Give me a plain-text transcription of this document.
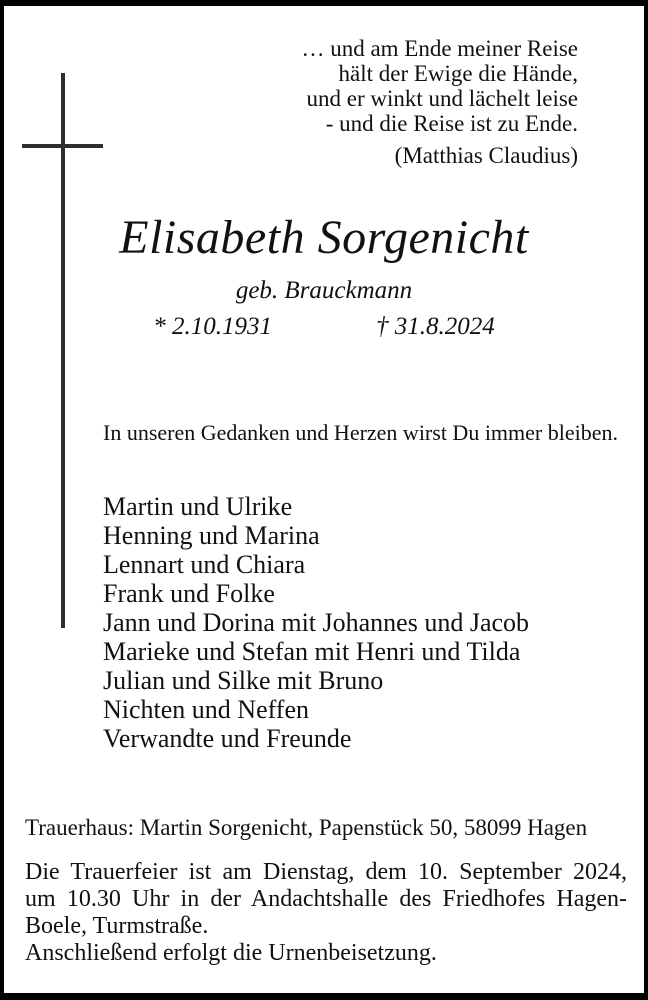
… und am Ende meiner Reise
hält der Ewige die Hände,
und er winkt und lächelt leise
- und die Reise ist zu Ende.
(Matthias Claudius)
Elisabeth Sorgenicht
geb. Brauckmann
* 2.10.1931	† 31.8.2024
In unseren Gedanken und Herzen wirst Du immer bleiben.
Martin und Ulrike
Henning und Marina
Lennart und Chiara
Frank und Folke
Jann und Dorina mit Johannes und Jacob
Marieke und Stefan mit Henri und Tilda
Julian und Silke mit Bruno
Nichten und Neffen
Verwandte und Freunde
Trauerhaus: Martin Sorgenicht, Papenstück 50, 58099 Hagen
Die Trauerfeier ist am Dienstag, dem 10. September 2024,
um 10.30 Uhr in der Andachtshalle des Friedhofes Hagen-
Boele, Turmstraße.
Anschließend erfolgt die Urnenbeisetzung.
